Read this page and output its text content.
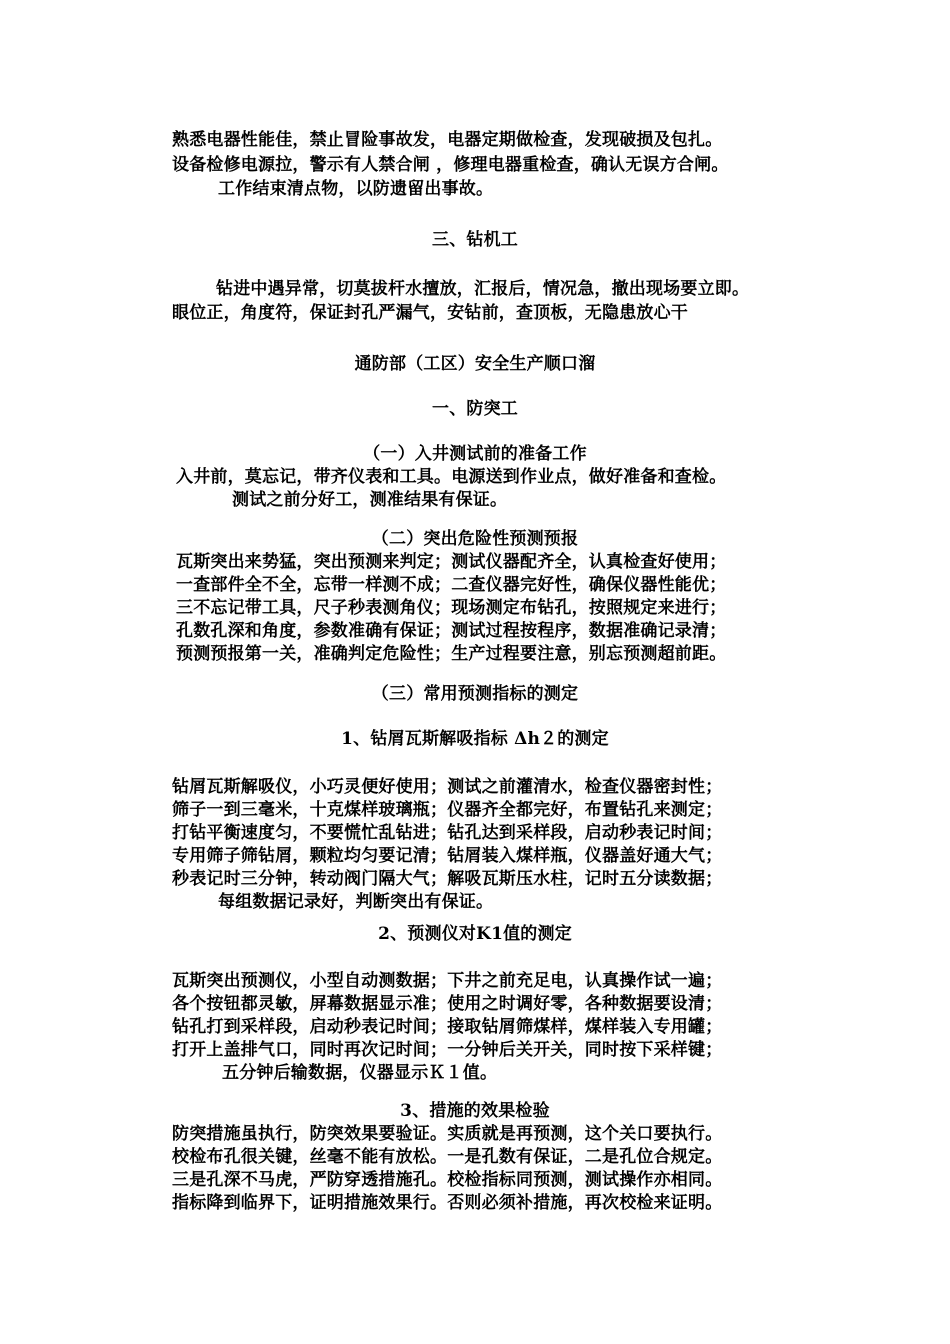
熟悉电器性能佳，禁止冒险事故发，电器定期做检查，发现破损及包扎。
设备检修电源拉，警示有人禁合闸 ，修理电器重检查，确认无误方合闸。
工作结束清点物，以防遗留出事故。
三、钻机工
钻进中遇异常，切莫拔杆水擅放，汇报后，情况急，撤出现场要立即。
眼位正，角度符，保证封孔严漏气，安钻前，查顶板，无隐患放心干
通防部（工区）安全生产顺口溜
一、防突工
（一）入井测试前的准备工作
入井前，莫忘记，带齐仪表和工具。电源送到作业点，做好准备和查检。
测试之前分好工，测准结果有保证。
（二）突出危险性预测预报
瓦斯突出来势猛，突出预测来判定；测试仪器配齐全，认真检查好使用；
一查部件全不全，忘带一样测不成；二查仪器完好性，确保仪器性能优；
三不忘记带工具，尺子秒表测角仪；现场测定布钻孔，按照规定来进行；
孔数孔深和角度，参数准确有保证；测试过程按程序，数据准确记录清；
预测预报第一关，准确判定危险性；生产过程要注意，别忘预测超前距。
（三）常用预测指标的测定
1、钻屑瓦斯解吸指标 Δh２的测定
钻屑瓦斯解吸仪，小巧灵便好使用；测试之前灌清水，检查仪器密封性；
筛子一到三毫米，十克煤样玻璃瓶；仪器齐全都完好，布置钻孔来测定；
打钻平衡速度匀，不要慌忙乱钻进；钻孔达到采样段，启动秒表记时间；
专用筛子筛钻屑，颗粒均匀要记清；钻屑装入煤样瓶，仪器盖好通大气；
秒表记时三分钟，转动阀门隔大气；解吸瓦斯压水柱，记时五分读数据；
每组数据记录好，判断突出有保证。
2、预测仪对K1值的测定
瓦斯突出预测仪，小型自动测数据；下井之前充足电，认真操作试一遍；
各个按钮都灵敏，屏幕数据显示准；使用之时调好零，各种数据要设清；
钻孔打到采样段，启动秒表记时间；接取钻屑筛煤样，煤样装入专用罐；
打开上盖排气口，同时再次记时间；一分钟后关开关，同时按下采样键；
五分钟后输数据，仪器显示Ｋ１值。
3、措施的效果检验
防突措施虽执行，防突效果要验证。实质就是再预测，这个关口要执行。
校检布孔很关键，丝毫不能有放松。一是孔数有保证，二是孔位合规定。
三是孔深不马虎，严防穿透措施孔。校检指标同预测，测试操作亦相同。
指标降到临界下，证明措施效果行。否则必须补措施，再次校检来证明。
